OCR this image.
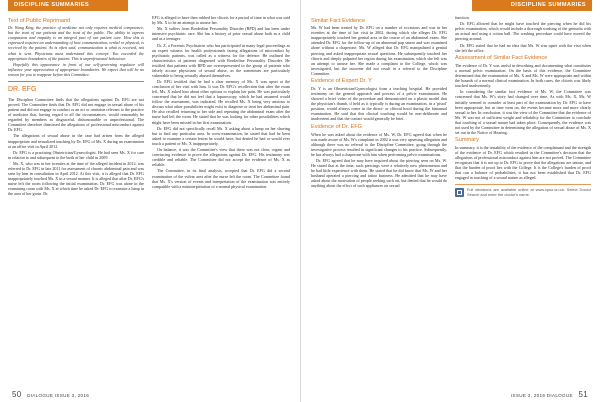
DISCIPLINE SUMMARIES
Text of Public Reprimand

Dr. Wang King, the practice of medicine not only requires medical competence, but the trust of our patients and the trust of the public. The ability to express compassion and empathy is an integral part of our patient care. How this is expressed requires an understanding of how communication, verbal or physical, is received by the patient. As is often said, communication is what is received, not what is sent. Physicians must understand this concept. You exceeded the appropriate boundaries of the patient. This is unprofessional behaviour.

Hopefully this appearance in front of our self-governing regulator will influence your appreciation of appropriate boundaries. We expect that will be no reason for you to reappear before this Committee.

DR. EFG

The Discipline Committee finds that the allegations against Dr. EFG are not proved. The Committee finds that Dr. EFG did not engage in sexual abuse of his patient and did not engage in conduct or an act or omission relevant to the practice of medicine that, having regard to all the circumstances, would reasonably be regarded by members as disgraceful, dishonourable or unprofessional. The Committee therefore dismissed the allegations of professional misconduct against Dr. EFG.

The allegations of sexual abuse in the case had arisen from the alleged inappropriate and sexualized touching by Dr. EFG of Ms. X during an examination at an office visit in April 2012.

Dr. EFG is a practising Obstetrician/Gynecologist. He had seen Ms. X for care in relation to and subsequent to the birth of her child in 2009.

Ms. X, who was in her twenties at the time of the alleged incident in 2012, was referred to Dr. EFG in late 2011 for assessment of chronic abdominal pain and was seen by him in consultation in April 2012. At this visit, it is alleged that Dr. EFG inappropriately touched Ms. X in a sexual manner. It is alleged that after Dr. EFG's nurse left the room following the initial examination, Dr. EFG was alone in the examining room with Ms. X at which time he asked Dr. EFG to examine a lump in the area of her groin. Dr.

EFG is alleged to have then rubbed her clitoris for a period of time in what was said by Ms. X to be an attempt to arouse her.

Ms. X suffers from Borderline Personality Disorder (BPD) and has been under intensive psychiatric care. She has a history of prior sexual abuse both as a child and as a teenager.

Dr. Z, a Forensic Psychiatrist who has participated in many legal proceedings as an expert witness for health professionals facing allegations of misconduct by psychiatric patients, was called as a witness for the defence. He outlined the characteristics of patients diagnosed with Borderline Personality Disorder. He testified that patients with BPD are overrepresented in the group of patients who falsely accuse physicians of sexual abuse, as the sometimes are particularly vulnerable to being sexually abused themselves.

Dr. EFG testified that he had a clear memory of Ms. X was upset at the conclusion of her visit with him. It was Dr. EFG's recollection that after the exam left, Ms. X asked him about other options to explain her pain. He was particularly concerned that he did not feel that a laparoscopy, which he had assumed would follow the assessment, was indicated. He recalled Ms. X being very anxious to discuss what other possibilities might exist to diagnose or treat her abdominal pain. He also recalled returning to her side and repeating the abdominal exam after the nurse had left the room. He stated that he was looking for other possibilities which might have been missed in her first examination.

Dr. EFG did not specifically recall Ms. X asking about a lump on her shaving but to find any particular area. In cross-examination, he stated that had he been asked to examine a certain lesion he would have, but denied he had or would ever touch a patient or Ms. X inappropriately.

On balance, it was the Committee's view that there was not clear, cogent and convincing evidence to prove the allegations against Dr. EFG. His testimony was credible and reliable. The Committee did not accept the evidence of Ms. X as reliable.

The Committee, in its final analysis, accepted that Dr. EFG did a second examination of the vulvar area after the nurse left the room. The Committee found that Ms. X's version of events and interpretation of the examination was entirely compatible with a misinterpretation of a normal physical examination.

50 DIALOGUE ISSUE 3, 2016
DISCIPLINE SUMMARIES
Similar Fact Evidence

Ms. W had been treated by Dr. EFG on a number of occasions and was in her twenties at the time of her visit in 2002, during which she alleges Dr. EFG inappropriately touched her genital area in the course of an abdominal exam. She attended Dr. EFG for the follow-up of an abnormal pap smear and was examined alone without a chaperone. Ms. W alleged that Dr. EFG manipulated a genital piercing and asked inappropriate sexual questions. He subsequently touched her clitoris and deeply palpated her region during his examination, which she felt was an attempt to arouse her. She made a complaint to the College, which was investigated, but the outcome did not result in a referral to the Discipline Committee.

Evidence of Expert Dr. Y

Dr. Y is an Obstetrician/Gynecologist from a teaching hospital. He provided testimony on the general approach and process of a pelvic examination. He showed a brief video of the procedure and demonstrated on a plastic model that the physician's thumb, if held as it typically is during an examination, in a 'pistol' position, would always come in the direct- or clitoral hood during the bimanual examination. He said that this clinical touching would be non-deliberate and inadvertent and that the contact would generally be brief.

Evidence of Dr. EFG

When he was asked about the evidence of Ms. W, Dr. EFG agreed that when he was made aware of Ms. W's complaint in 2002 it was very upsetting allegation and although there was no referral to the Discipline Committee, going through the investigative process resulted in significant changes to his practice. Subsequently, he has always had a chaperone with him when performing pelvic examinations.

Dr. EFG agreed that he may have inquired about the piercing seen on Ms. W. He stated that at the time, such piercings were a relatively new phenomenon and he had little experience with them. He stated that he did know that Ms. W and her husband operated a piercing and tattoo business. He admitted that he may have asked about the motivation of people seeking such art, but denied that he would do anything about the effect of such appliances on sexual

function.

Dr. EFG allowed that he might have touched the piercing when he did his pelvic examination, which would include a thorough washing of the genitalia with an actual and using a cotton ball. The washing procedure could have moved the piercing around.

Dr. EFG stated that he had no idea that Ms. W was upset with the visit when she left the office.

Assessment of Similar Fact Evidence

The evidence of Dr. Y was useful in describing and documenting what constitutes a normal pelvic examination. On the basis of this evidence, the Committee determined that the examination of Ms. X and Ms. W were appropriate and within the bounds of a normal clinical examination. In both cases, the clitoris was likely touched inadvertently.

In considering the similar fact evidence of Ms. W, the Committee was concerned that Ms. W's story had changed over time. As with Ms. X, Ms. W initially seemed to consider at least part of the examination by Dr. EFG to have been appropriate, but as time went on, the events became more and more clearly sexual to her. In conclusion, it was the view of the Committee that the evidence of Ms. W was not of sufficient weight and reliability for the Committee to conclude that touching of a sexual nature had taken place. Consequently, the evidence was not used by the Committee in determining the allegation of sexual abuse of Ms. X set out in the Notice of Hearing.

Summary

In summary, it is the testability of the evidence of the complainant and the strength of the evidence of Dr. EFG which resulted in the Committee's decision that the allegations of professional misconduct against him are not proved. The Committee recognises that it is not up to Dr. EFG to prove that the allegations are untrue, and that the burden of proof lies with the College. It is the College's burden of proof that can a balance of probabilities, it has not been established that Dr. EFG engaged in touching of a sexual nature as alleged.

Full decisions are available online at www.cpso.on.ca. Select Doctor Search and enter the doctor's name.
ISSUE 3, 2016 DIALOGUE 51
